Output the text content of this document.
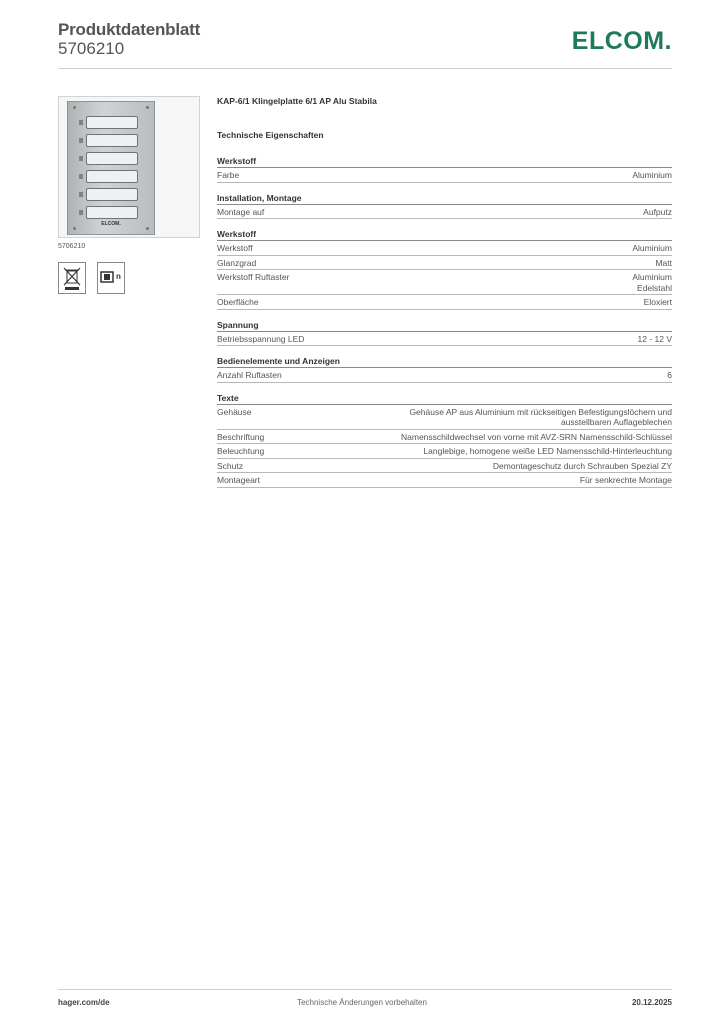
Produktdatenblatt
5706210	ELCOM.
ELCOM.
5706210
n
KAP-6/1 Klingelplatte 6/1 AP Alu Stabila
Technische Eigenschaften
Werkstoff
Farbe	Aluminium
Installation, Montage
Montage auf	Aufputz
Werkstoff
Werkstoff	Aluminium
Glanzgrad	Matt
Werkstoff Ruftaster	Aluminium
Edelstahl
Oberfläche	Eloxiert
Spannung
Betriebsspannung LED	12 - 12 V
Bedienelemente und Anzeigen
Anzahl Ruftasten	6
Texte
Gehäuse	Gehäuse AP aus Aluminium mit rückseitigen Befestigungslöchern und
ausstellbaren Auflageblechen
Beschriftung	Namensschildwechsel von vorne mit AVZ-SRN Namensschild-Schlüssel
Beleuchtung	Langlebige, homogene weiße LED Namensschild-Hinterleuchtung
Schutz	Demontageschutz durch Schrauben Spezial ZY
Montageart	Für senkrechte Montage
hager.com/de	Technische Änderungen vorbehalten	20.12.2025
